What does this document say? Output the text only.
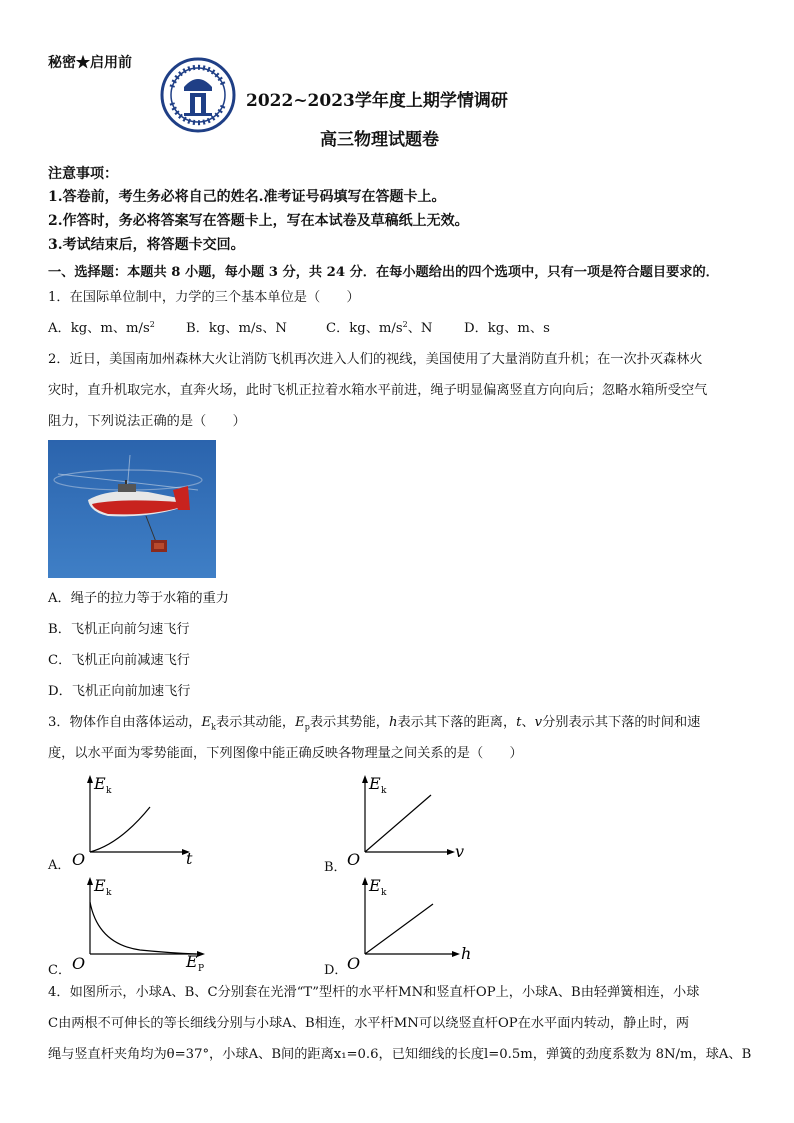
秘密★启用前
2022~2023学年度上期学情调研
高三物理试题卷
注意事项：
1.答卷前，考生务必将自己的姓名.准考证号码填写在答题卡上。
2.作答时，务必将答案写在答题卡上，写在本试卷及草稿纸上无效。
3.考试结束后，将答题卡交回。
一、选择题：本题共 8 小题，每小题 3 分，共 24 分．在每小题给出的四个选项中，只有一项是符合题目要求的．
1．在国际单位制中，力学的三个基本单位是（　　）
A．kg、m、$m/s^2$ B．kg、m/s、N	C．kg、$m/s^2$、N D．kg、m、s
2．近日，美国南加州森林大火让消防飞机再次进入人们的视线，美国使用了大量消防直升机；在一次扑灭森林火
灾时，直升机取完水，直奔火场，此时飞机正拉着水箱水平前进，绳子明显偏离竖直方向向后；忽略水箱所受空气
阻力，下列说法正确的是（　　）
A．绳子的拉力等于水箱的重力
B．飞机正向前匀速飞行
C．飞机正向前减速飞行
D．飞机正向前加速飞行
3．物体作自由落体运动，$E_k$表示其动能，$E_p$表示其势能，h表示其下落的距离，t、v分别表示其下落的时间和速
度，以水平面为零势能面，下列图像中能正确反映各物理量之间关系的是（　　）
A．
E k
t
O	B．
E k
v
O
C．
E k
E P
O	D．
E k
h
O
4．如图所示，小球A、B、C分别套在光滑“T”型杆的水平杆MN和竖直杆OP上，小球A、B由轻弹簧相连，小球
C由两根不可伸长的等长细线分别与小球A、B相连，水平杆MN可以绕竖直杆OP在水平面内转动，静止时，两
绳与竖直杆夹角均为θ=37°，小球A、B间的距离x₁=0.6，已知细线的长度l=0.5m，弹簧的劲度系数为 8N/m，球A、B
